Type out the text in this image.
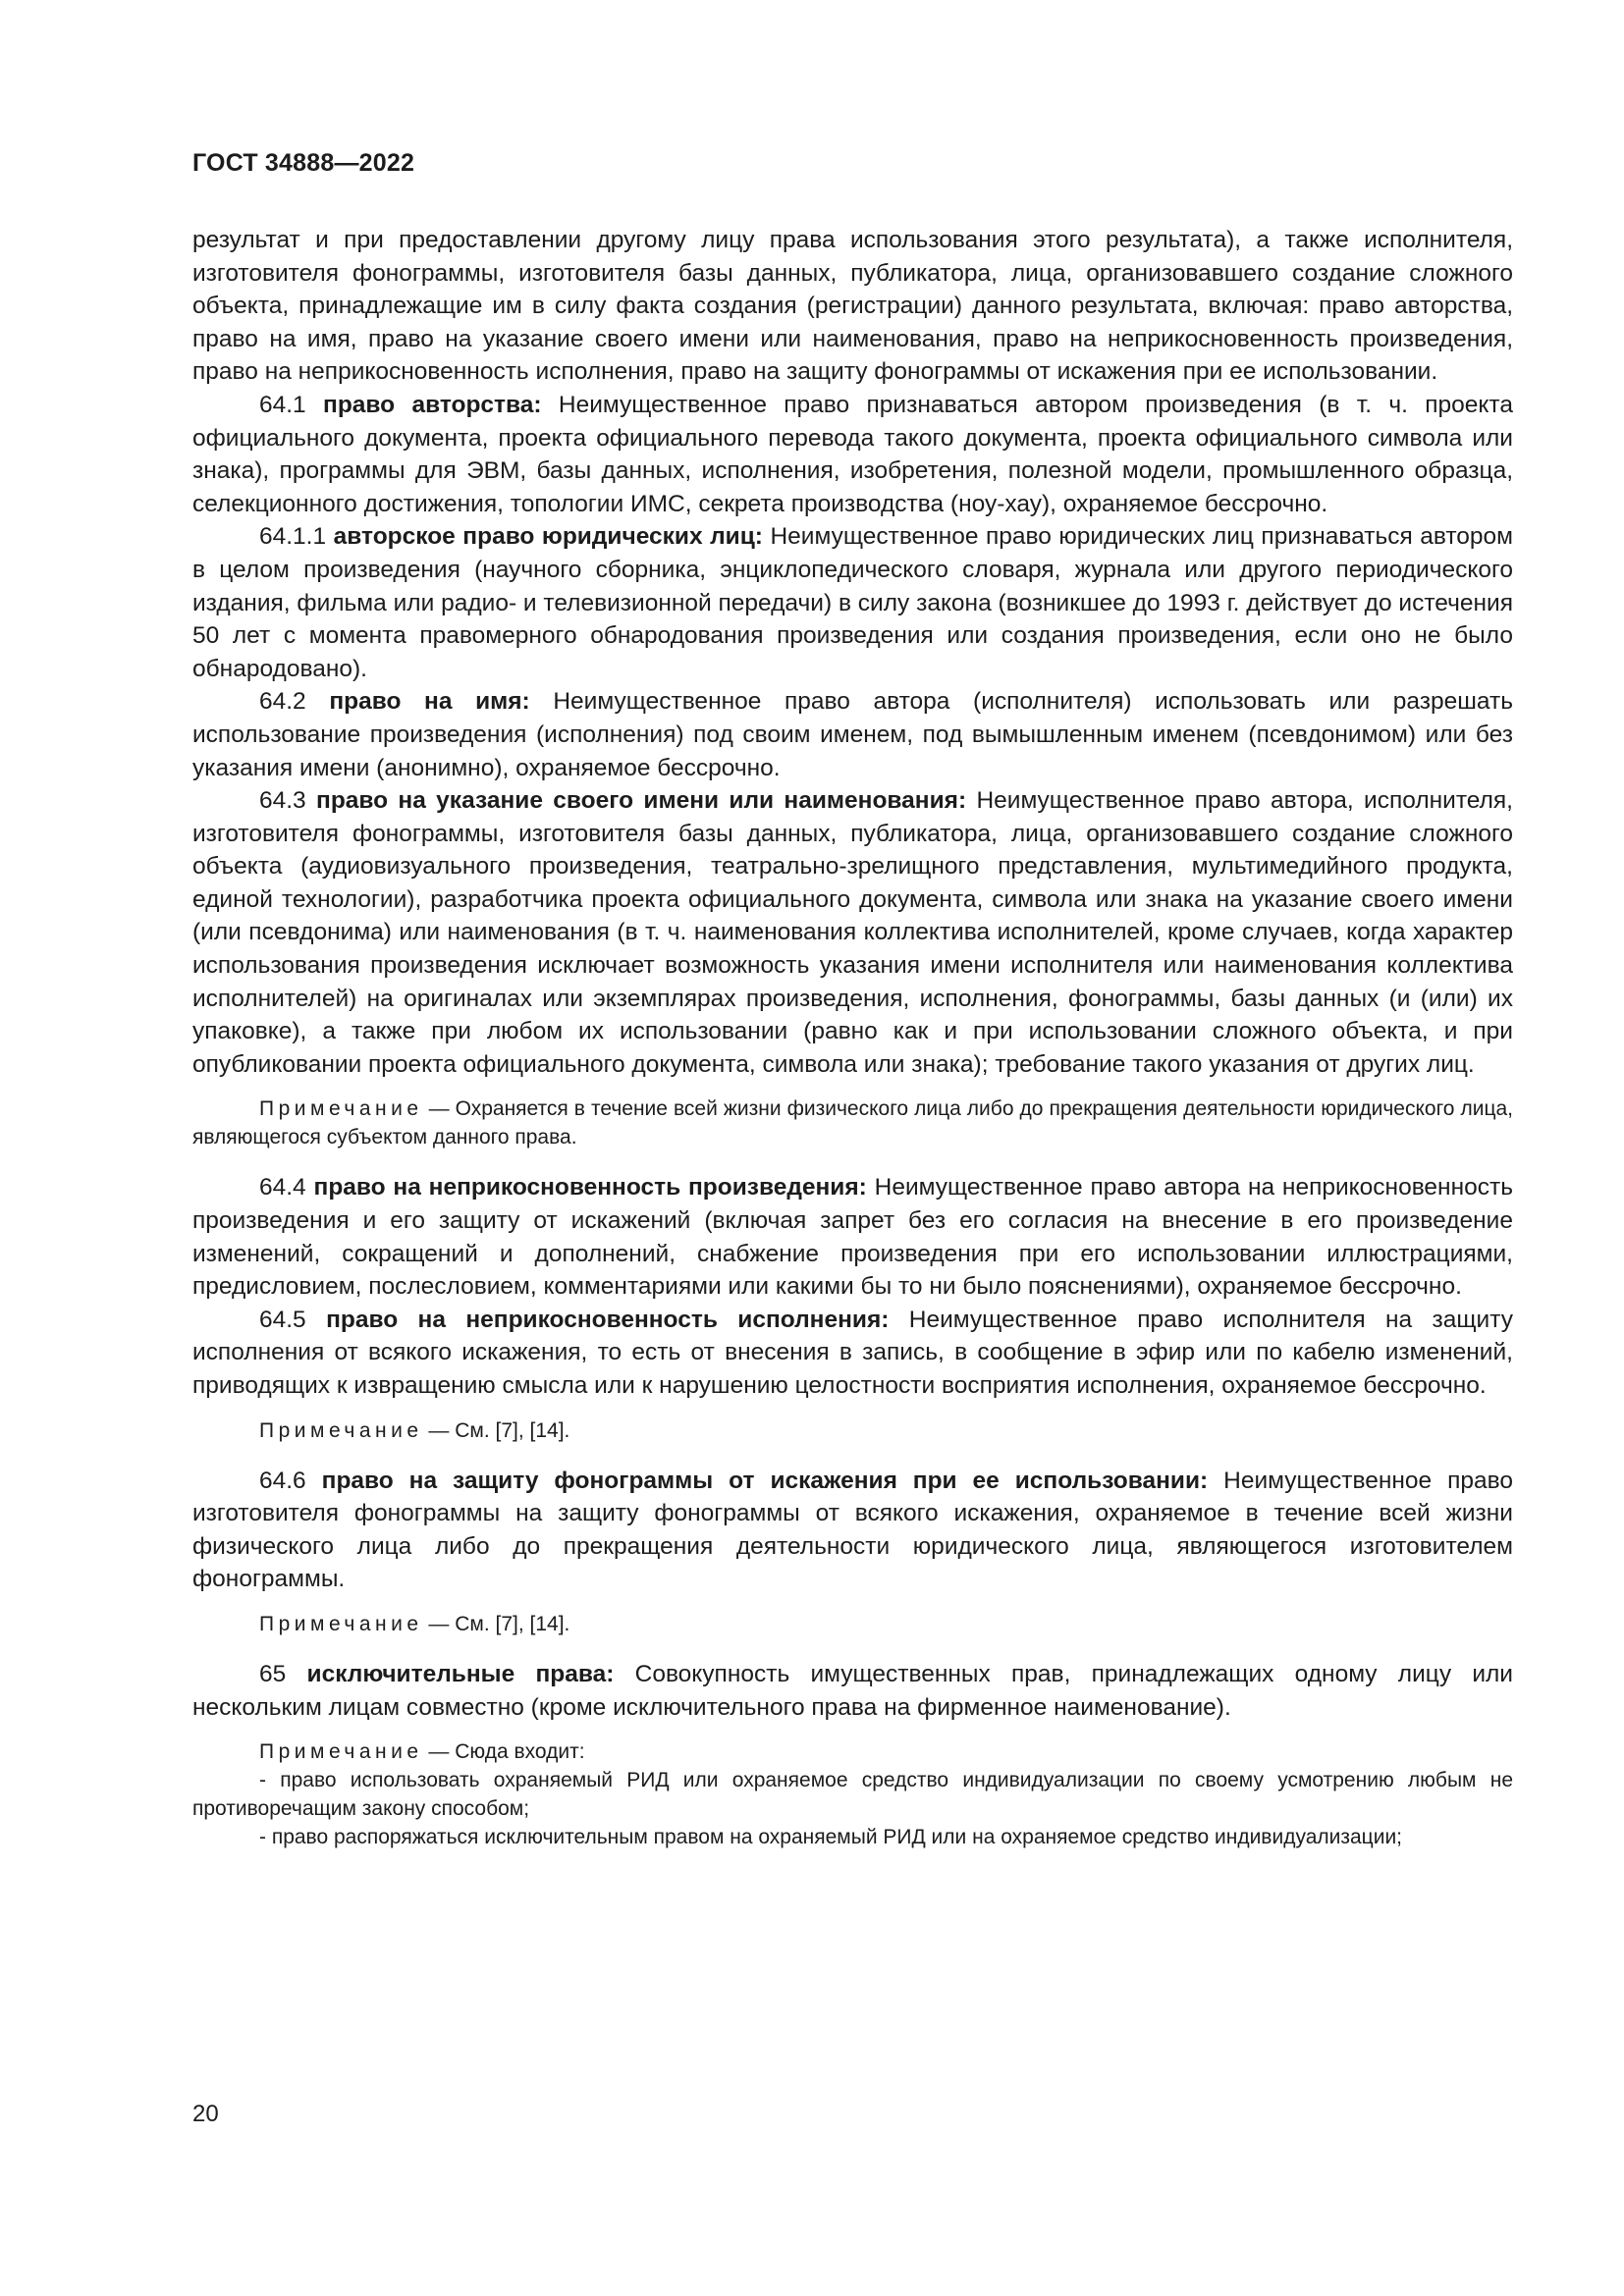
ГОСТ 34888—2022

результат и при предоставлении другому лицу права использования этого результата), а также исполнителя, изготовителя фонограммы, изготовителя базы данных, публикатора, лица, организовавшего создание сложного объекта, принадлежащие им в силу факта создания (регистрации) данного результата, включая: право авторства, право на имя, право на указание своего имени или наименования, право на неприкосновенность произведения, право на неприкосновенность исполнения, право на защиту фонограммы от искажения при ее использовании.

64.1 право авторства: Неимущественное право признаваться автором произведения (в т. ч. проекта официального документа, проекта официального перевода такого документа, проекта официального символа или знака), программы для ЭВМ, базы данных, исполнения, изобретения, полезной модели, промышленного образца, селекционного достижения, топологии ИМС, секрета производства (ноу-хау), охраняемое бессрочно.

64.1.1 авторское право юридических лиц: Неимущественное право юридических лиц признаваться автором в целом произведения (научного сборника, энциклопедического словаря, журнала или другого периодического издания, фильма или радио- и телевизионной передачи) в силу закона (возникшее до 1993 г. действует до истечения 50 лет с момента правомерного обнародования произведения или создания произведения, если оно не было обнародовано).

64.2 право на имя: Неимущественное право автора (исполнителя) использовать или разрешать использование произведения (исполнения) под своим именем, под вымышленным именем (псевдонимом) или без указания имени (анонимно), охраняемое бессрочно.

64.3 право на указание своего имени или наименования: Неимущественное право автора, исполнителя, изготовителя фонограммы, изготовителя базы данных, публикатора, лица, организовавшего создание сложного объекта (аудиовизуального произведения, театрально-зрелищного представления, мультимедийного продукта, единой технологии), разработчика проекта официального документа, символа или знака на указание своего имени (или псевдонима) или наименования (в т. ч. наименования коллектива исполнителей, кроме случаев, когда характер использования произведения исключает возможность указания имени исполнителя или наименования коллектива исполнителей) на оригиналах или экземплярах произведения, исполнения, фонограммы, базы данных (и (или) их упаковке), а также при любом их использовании (равно как и при использовании сложного объекта, и при опубликовании проекта официального документа, символа или знака); требование такого указания от других лиц.

Примечание — Охраняется в течение всей жизни физического лица либо до прекращения деятельности юридического лица, являющегося субъектом данного права.

64.4 право на неприкосновенность произведения: Неимущественное право автора на неприкосновенность произведения и его защиту от искажений (включая запрет без его согласия на внесение в его произведение изменений, сокращений и дополнений, снабжение произведения при его использовании иллюстрациями, предисловием, послесловием, комментариями или какими бы то ни было пояснениями), охраняемое бессрочно.

64.5 право на неприкосновенность исполнения: Неимущественное право исполнителя на защиту исполнения от всякого искажения, то есть от внесения в запись, в сообщение в эфир или по кабелю изменений, приводящих к извращению смысла или к нарушению целостности восприятия исполнения, охраняемое бессрочно.

Примечание — См. [7], [14].

64.6 право на защиту фонограммы от искажения при ее использовании: Неимущественное право изготовителя фонограммы на защиту фонограммы от всякого искажения, охраняемое в течение всей жизни физического лица либо до прекращения деятельности юридического лица, являющегося изготовителем фонограммы.

Примечание — См. [7], [14].

65 исключительные права: Совокупность имущественных прав, принадлежащих одному лицу или нескольким лицам совместно (кроме исключительного права на фирменное наименование).

Примечание — Сюда входит:

- право использовать охраняемый РИД или охраняемое средство индивидуализации по своему усмотрению любым не противоречащим закону способом;

- право распоряжаться исключительным правом на охраняемый РИД или на охраняемое средство индивидуализации;

20
